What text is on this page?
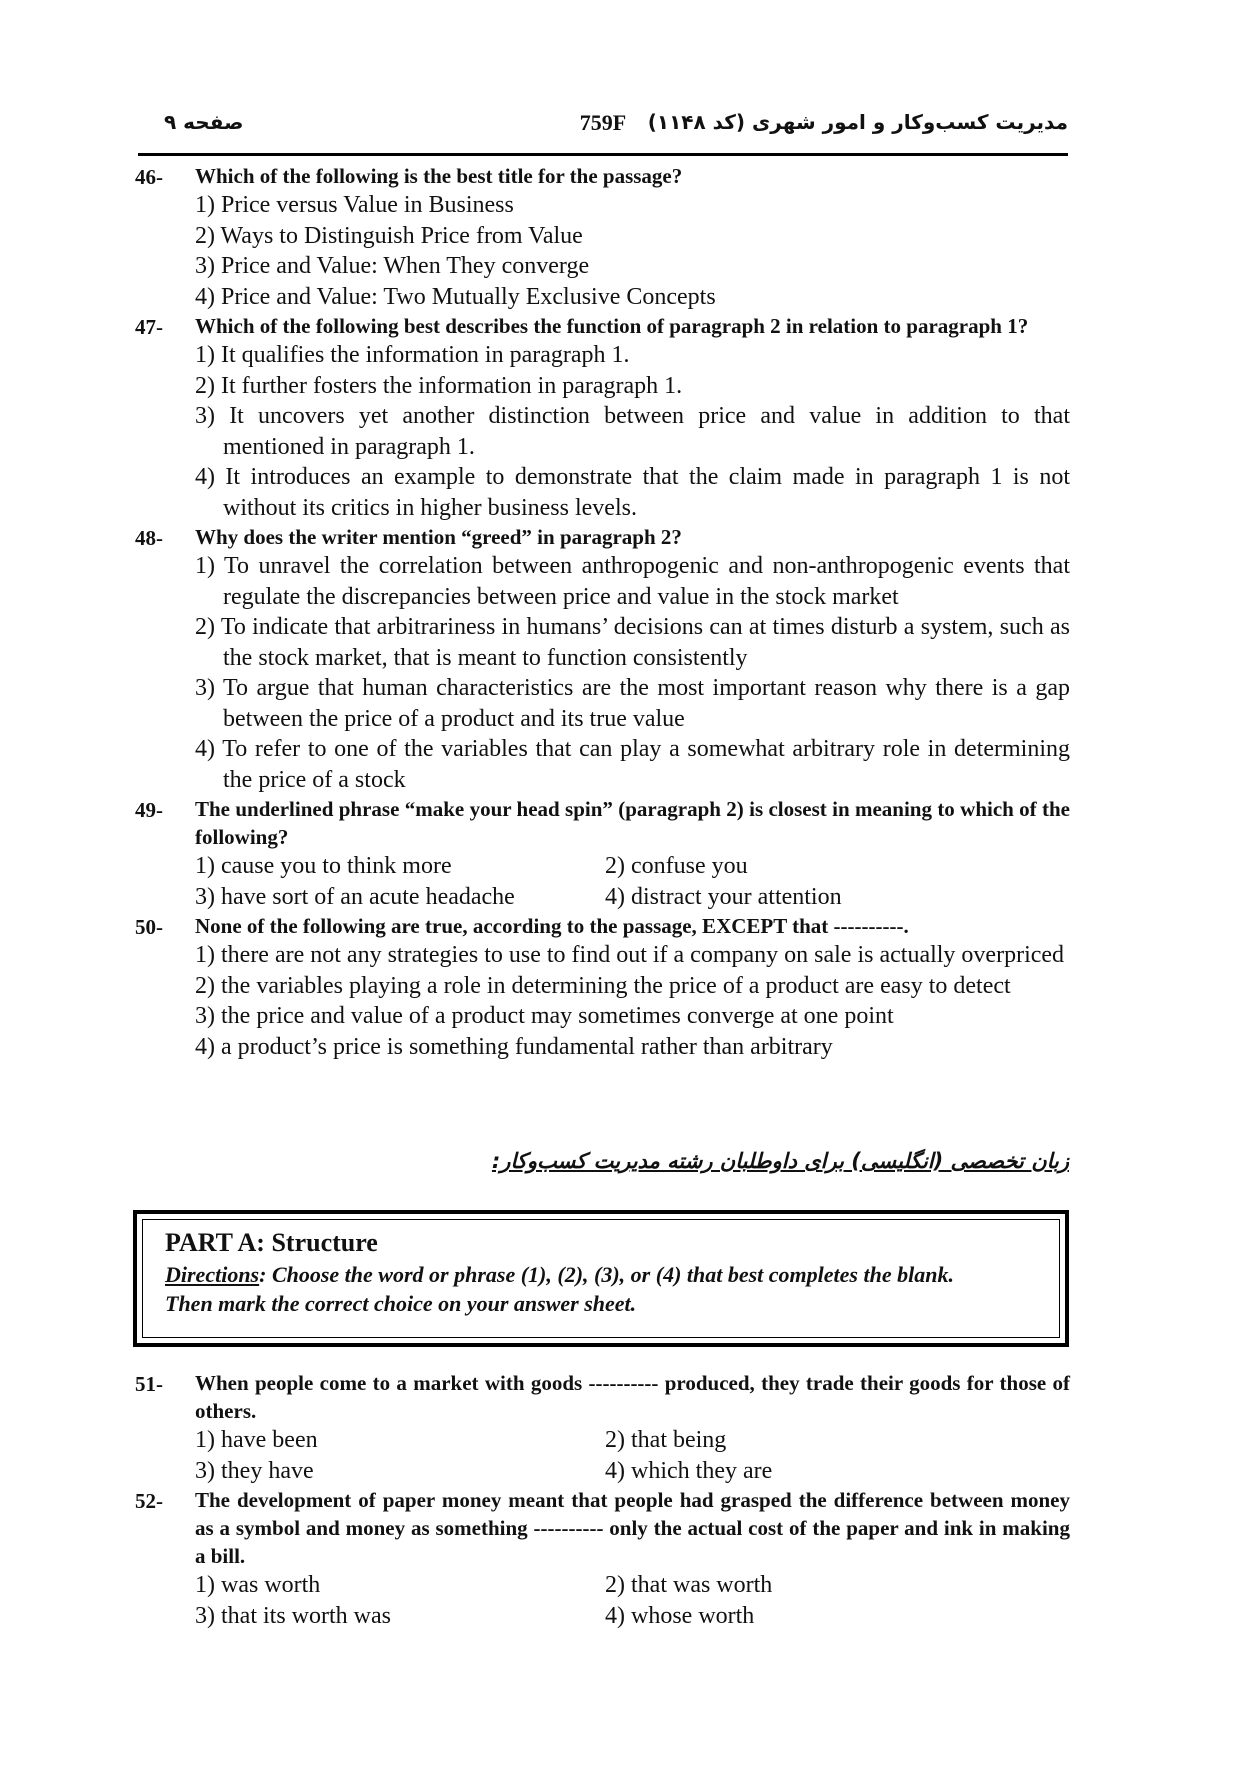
مدیریت کسب‌وکار و امور شهری (کد ۱۱۴۸)
759F
صفحه ۹
46- Which of the following is the best title for the passage?
1) Price versus Value in Business
2) Ways to Distinguish Price from Value
3) Price and Value: When They converge
4) Price and Value: Two Mutually Exclusive Concepts
47- Which of the following best describes the function of paragraph 2 in relation to paragraph 1?
1) It qualifies the information in paragraph 1.
2) It further fosters the information in paragraph 1.
3) It uncovers yet another distinction between price and value in addition to that mentioned in paragraph 1.
4) It introduces an example to demonstrate that the claim made in paragraph 1 is not without its critics in higher business levels.
48- Why does the writer mention “greed” in paragraph 2?
1) To unravel the correlation between anthropogenic and non-anthropogenic events that regulate the discrepancies between price and value in the stock market
2) To indicate that arbitrariness in humans’ decisions can at times disturb a system, such as the stock market, that is meant to function consistently
3) To argue that human characteristics are the most important reason why there is a gap between the price of a product and its true value
4) To refer to one of the variables that can play a somewhat arbitrary role in determining the price of a stock
49- The underlined phrase “make your head spin” (paragraph 2) is closest in meaning to which of the following?
1) cause you to think more	2) confuse you
3) have sort of an acute headache	4) distract your attention
50- None of the following are true, according to the passage, EXCEPT that ----------.
1) there are not any strategies to use to find out if a company on sale is actually overpriced
2) the variables playing a role in determining the price of a product are easy to detect
3) the price and value of a product may sometimes converge at one point
4) a product’s price is something fundamental rather than arbitrary
زبان تخصصی (انگلیسی) برای داوطلبان رشته مدیریت کسب‌وکار:
PART A: Structure
Directions: Choose the word or phrase (1), (2), (3), or (4) that best completes the blank.
Then mark the correct choice on your answer sheet.
51- When people come to a market with goods ---------- produced, they trade their goods for those of others.
1) have been	2) that being
3) they have	4) which they are
52- The development of paper money meant that people had grasped the difference between money as a symbol and money as something ---------- only the actual cost of the paper and ink in making a bill.
1) was worth	2) that was worth
3) that its worth was	4) whose worth
